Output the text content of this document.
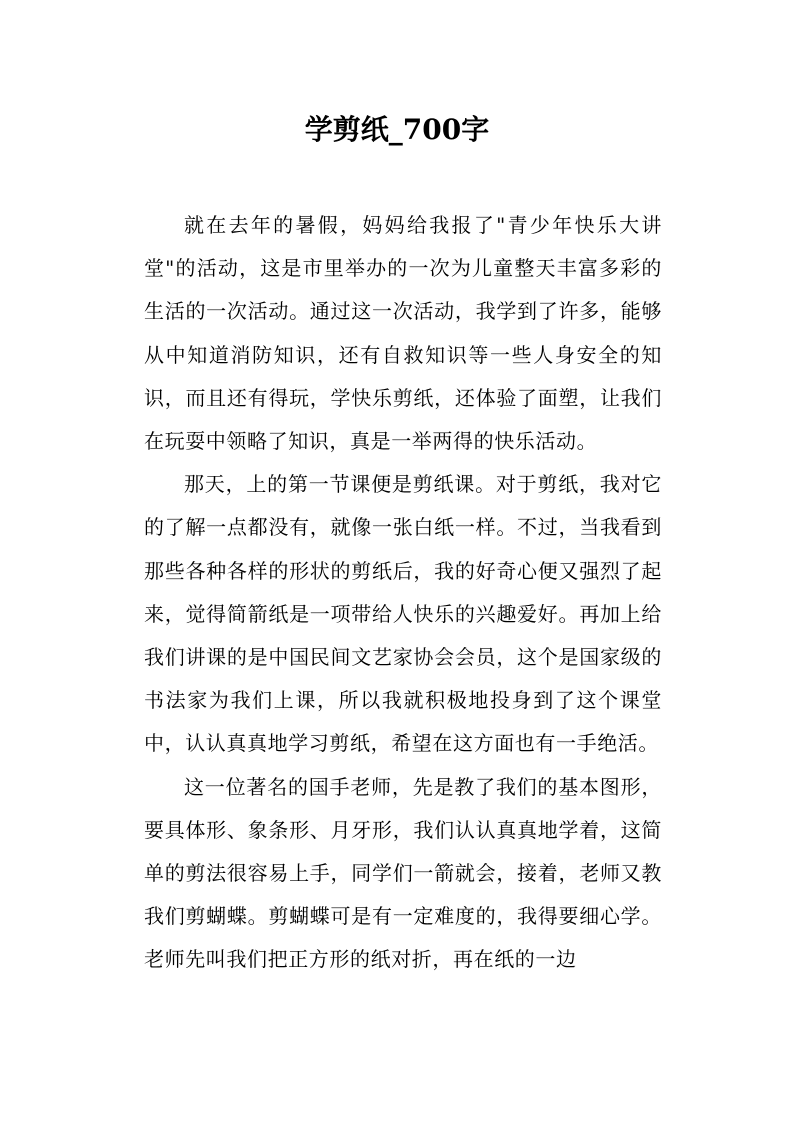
学剪纸_700字

就在去年的暑假，妈妈给我报了"青少年快乐大讲堂"的活动，这是市里举办的一次为儿童整天丰富多彩的生活的一次活动。通过这一次活动，我学到了许多，能够从中知道消防知识，还有自救知识等一些人身安全的知识，而且还有得玩，学快乐剪纸，还体验了面塑，让我们在玩耍中领略了知识，真是一举两得的快乐活动。

那天，上的第一节课便是剪纸课。对于剪纸，我对它的了解一点都没有，就像一张白纸一样。不过，当我看到那些各种各样的形状的剪纸后，我的好奇心便又强烈了起来，觉得简箭纸是一项带给人快乐的兴趣爱好。再加上给我们讲课的是中国民间文艺家协会会员，这个是国家级的书法家为我们上课，所以我就积极地投身到了这个课堂中，认认真真地学习剪纸，希望在这方面也有一手绝活。

这一位著名的国手老师，先是教了我们的基本图形，要具体形、象条形、月牙形，我们认认真真地学着，这简单的剪法很容易上手，同学们一箭就会，接着，老师又教我们剪蝴蝶。剪蝴蝶可是有一定难度的，我得要细心学。老师先叫我们把正方形的纸对折，再在纸的一边
